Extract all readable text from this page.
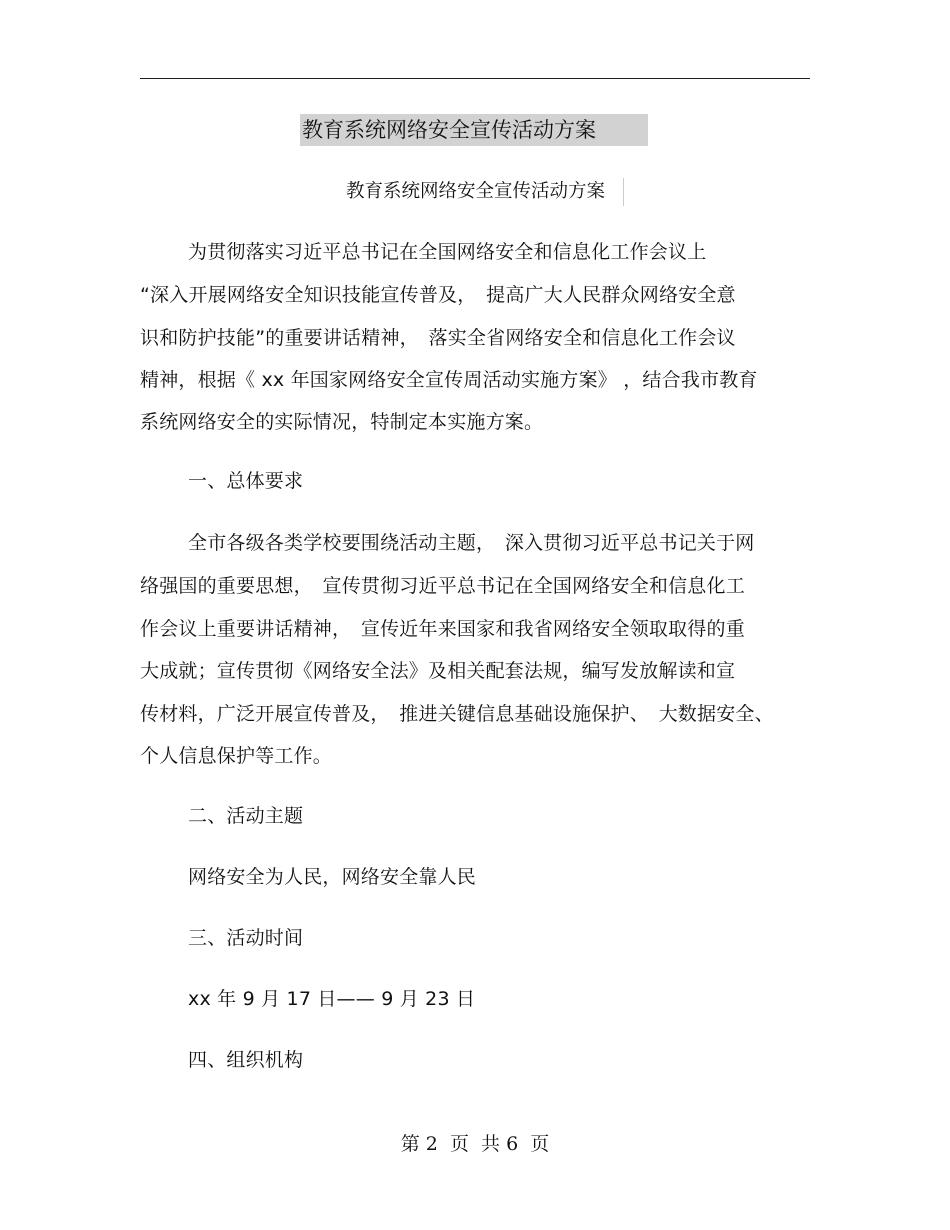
教育系统网络安全宣传活动方案
教育系统网络安全宣传活动方案
为贯彻落实习近平总书记在全国网络安全和信息化工作会议上
“深入开展网络安全知识技能宣传普及，　提高广大人民群众网络安全意
识和防护技能”的重要讲话精神，　落实全省网络安全和信息化工作会议
精神，根据《 xx 年国家网络安全宣传周活动实施方案》 ，结合我市教育
系统网络安全的实际情况，特制定本实施方案。
一、总体要求
全市各级各类学校要围绕活动主题，　深入贯彻习近平总书记关于网
络强国的重要思想，　宣传贯彻习近平总书记在全国网络安全和信息化工
作会议上重要讲话精神，　宣传近年来国家和我省网络安全领取取得的重
大成就；宣传贯彻《网络安全法》及相关配套法规，编写发放解读和宣
传材料，广泛开展宣传普及，　推进关键信息基础设施保护、　大数据安全、
个人信息保护等工作。
二、活动主题
网络安全为人民，网络安全靠人民
三、活动时间
xx 年 9 月 17 日—— 9 月 23 日
四、组织机构
第 2  页  共 6  页
